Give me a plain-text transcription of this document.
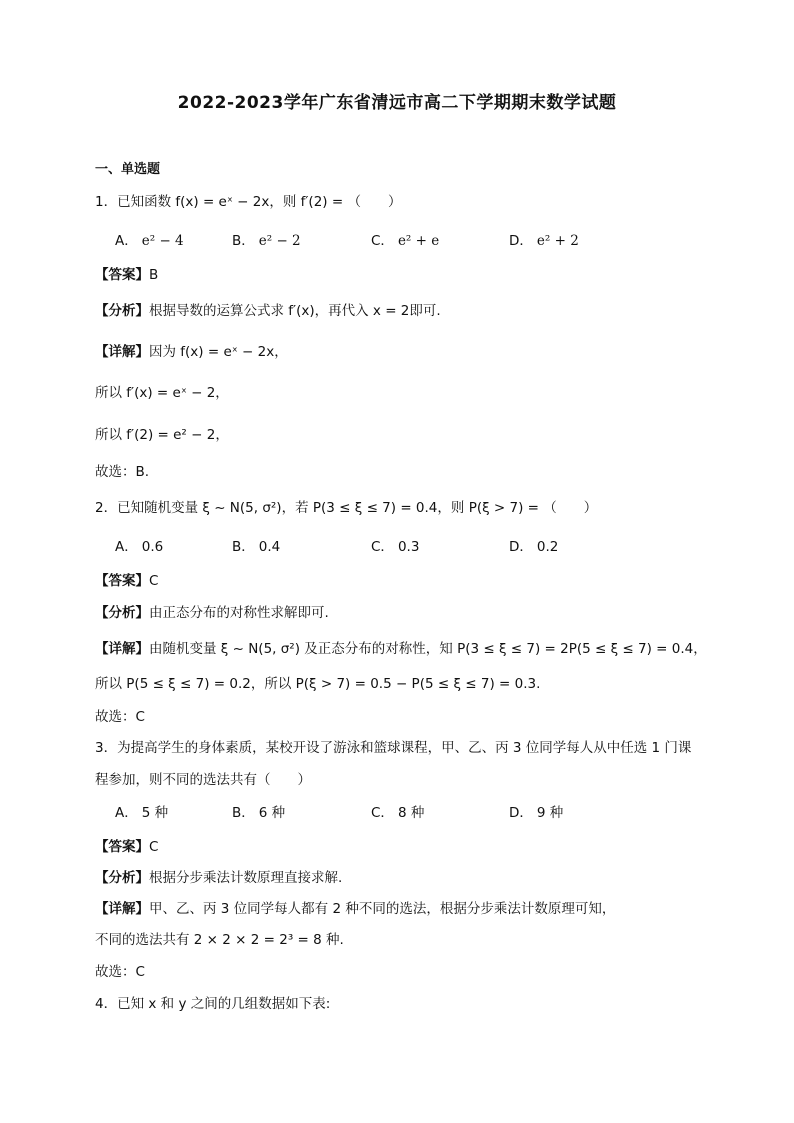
2022-2023学年广东省清远市高二下学期期末数学试题
一、单选题
1．已知函数 f(x) = eˣ − 2x，则 f′(2) = （　　）
A． e² − 4	B． e² − 2	C． e² + e	D． e² + 2
【答案】B
【分析】根据导数的运算公式求 f′(x)，再代入 x = 2即可.
【详解】因为 f(x) = eˣ − 2x，
所以 f′(x) = eˣ − 2，
所以 f′(2) = e² − 2，
故选：B.
2．已知随机变量 ξ ~ N(5, σ²)，若 P(3 ≤ ξ ≤ 7) = 0.4，则 P(ξ > 7) = （　　）
A． 0.6	B． 0.4	C． 0.3	D． 0.2
【答案】C
【分析】由正态分布的对称性求解即可.
【详解】由随机变量 ξ ~ N(5, σ²) 及正态分布的对称性，知 P(3 ≤ ξ ≤ 7) = 2P(5 ≤ ξ ≤ 7) = 0.4，
所以 P(5 ≤ ξ ≤ 7) = 0.2，所以 P(ξ > 7) = 0.5 − P(5 ≤ ξ ≤ 7) = 0.3.
故选：C
3．为提高学生的身体素质，某校开设了游泳和篮球课程，甲、乙、丙 3 位同学每人从中任选 1 门课
程参加，则不同的选法共有（　　）
A． 5 种	B． 6 种	C． 8 种	D． 9 种
【答案】C
【分析】根据分步乘法计数原理直接求解.
【详解】甲、乙、丙 3 位同学每人都有 2 种不同的选法，根据分步乘法计数原理可知，
不同的选法共有 2 × 2 × 2 = 2³ = 8 种.
故选：C
4．已知 x 和 y 之间的几组数据如下表:
